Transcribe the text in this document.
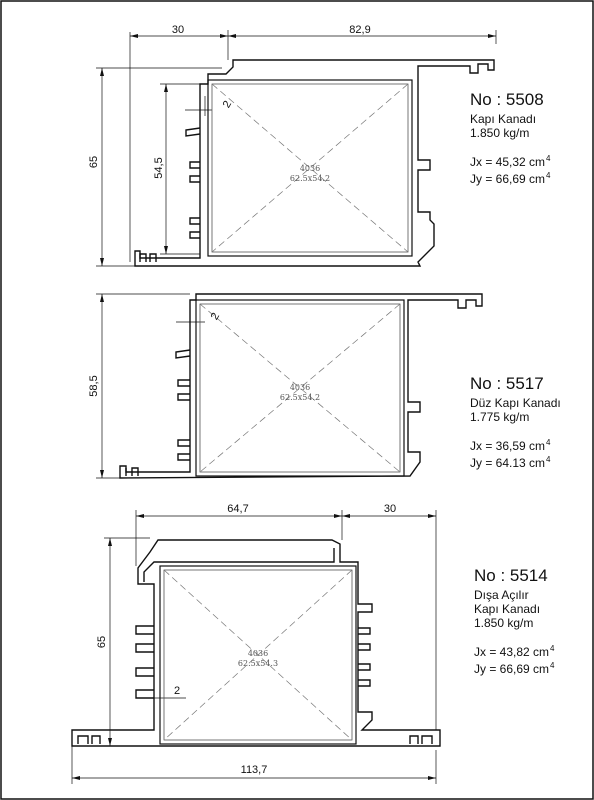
30	82,9
65	54,5
2
4036
62.5x54.2
58,5
2
4036
62.5x54.2
64,7	30
65
113,7
2
4036
62.5x54.3
No : 5508
Kapı Kanadı
1.850 kg/m
Jx = 45,32 $cm^4$
Jy = 66,69 $cm^4$
No : 5517
Düz Kapı Kanadı
1.775 kg/m
Jx = 36,59 $cm^4$
Jy = 64.13 $cm^4$
No : 5514
Dışa Açılır
Kapı Kanadı
1.850 kg/m
Jx = 43,82 $cm^4$
Jy = 66,69 $cm^4$
